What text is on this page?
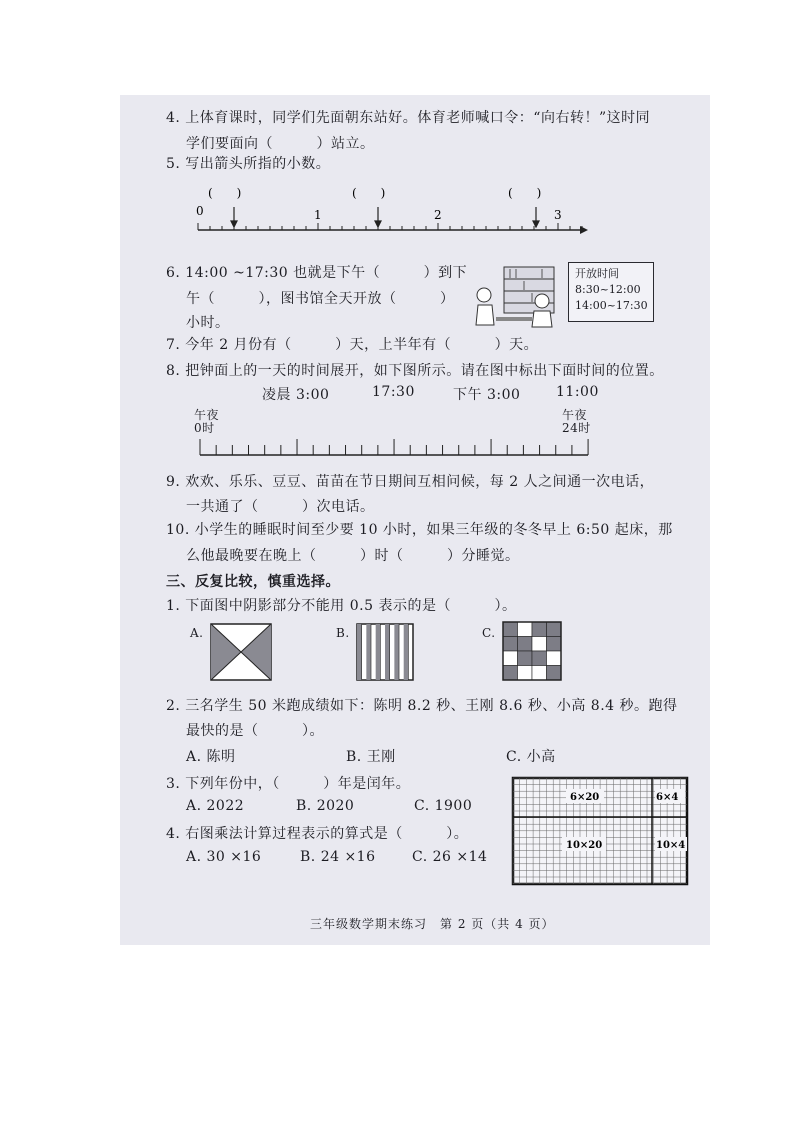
4. 上体育课时，同学们先面朝东站好。体育老师喊口令：“向右转！”这时同
学们要面向（　　　）站立。
5. 写出箭头所指的小数。
0	1	2	3
(　　)	(　　)	(　　)
6. 14:00 ~17:30 也就是下午（　　　）到下
午（　　　），图书馆全天开放（　　　）
小时。
开放时间
8:30~12:00
14:00~17:30
7. 今年 2 月份有（　　　）天，上半年有（　　　）天。
8. 把钟面上的一天的时间展开，如下图所示。请在图中标出下面时间的位置。
凌晨 3:00	17:30	下午 3:00	11:00
午夜
0时
午夜
24时
9. 欢欢、乐乐、豆豆、苗苗在节日期间互相问候，每 2 人之间通一次电话，
一共通了（　　　）次电话。
10. 小学生的睡眠时间至少要 10 小时，如果三年级的冬冬早上 6:50 起床，那
么他最晚要在晚上（　　　）时（　　　）分睡觉。
三、反复比较，慎重选择。
1. 下面图中阴影部分不能用 0.5 表示的是（　　　）。
A.	B.	C.
2. 三名学生 50 米跑成绩如下：陈明 8.2 秒、王刚 8.6 秒、小高 8.4 秒。跑得
最快的是（　　　）。
A. 陈明	B. 王刚	C. 小高
3. 下列年份中，（　　　）年是闰年。
A. 2022	B. 2020	C. 1900
4. 右图乘法计算过程表示的算式是（　　　）。
A. 30 ×16	B. 24 ×16	C. 26 ×14
6×20	6×4
10×20	10×4
三年级数学期末练习　第 2 页（共 4 页）
